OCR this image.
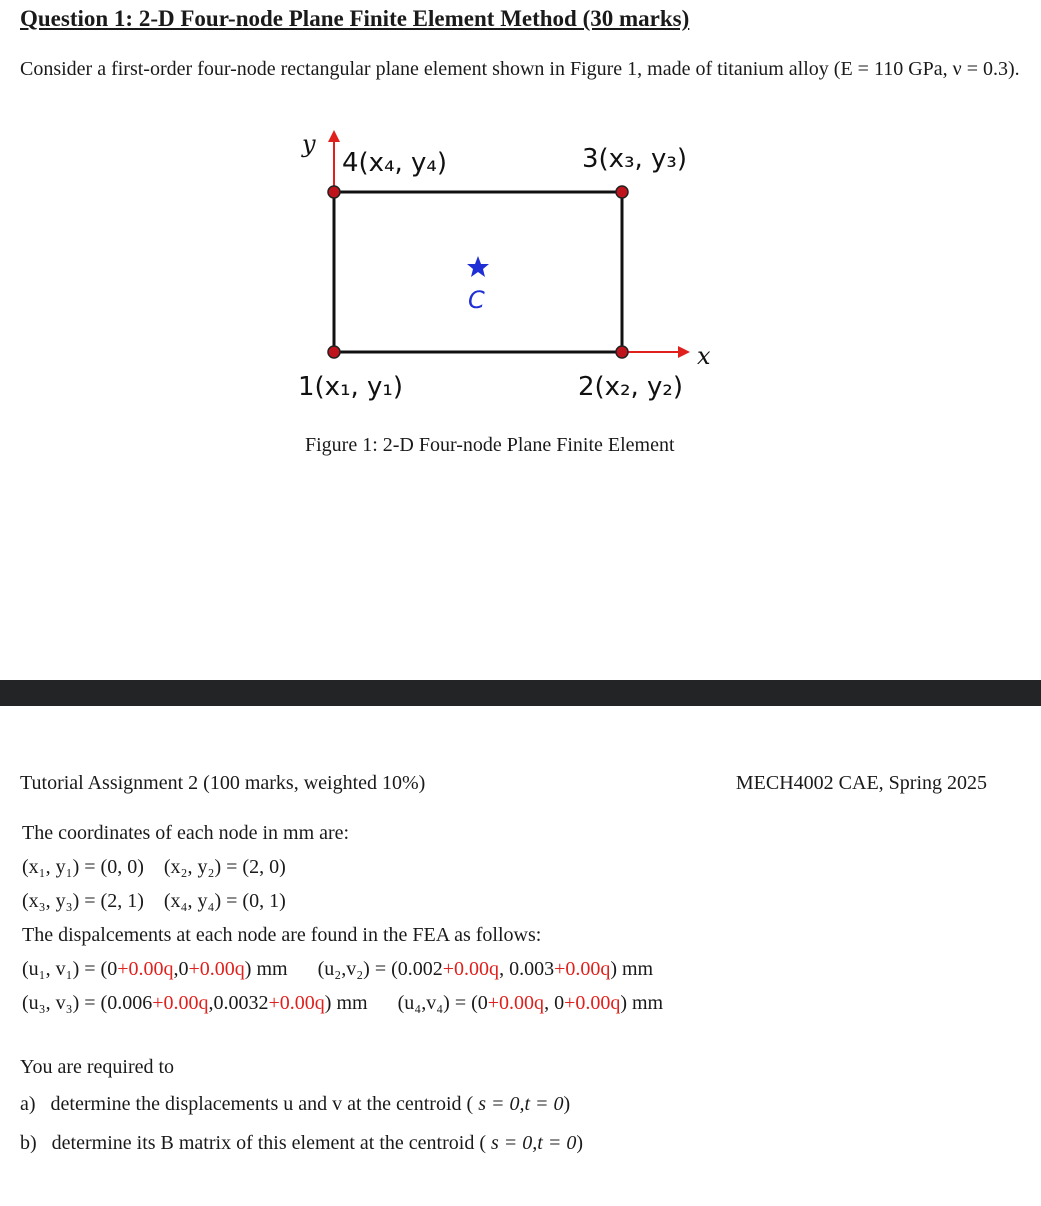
Question 1: 2-D Four-node Plane Finite Element Method (30 marks)
Consider a first-order four-node rectangular plane element shown in Figure 1, made of titanium alloy (E = 110 GPa, ν = 0.3).
y
x
4(x₄, y₄)	3(x₃, y₃)
1(x₁, y₁)	2(x₂, y₂)
C
Figure 1: 2-D Four-node Plane Finite Element
Tutorial Assignment 2 (100 marks, weighted 10%)	MECH4002 CAE, Spring 2025
The coordinates of each node in mm are:
(x₁, y₁) = (0, 0) (x₂, y₂) = (2, 0)
(x₃, y₃) = (2, 1) (x₄, y₄) = (0, 1)
The dispalcements at each node are found in the FEA as follows:
(u₁, v₁) = (0+0.00q,0+0.00q) mm (u₂,v₂) = (0.002+0.00q, 0.003+0.00q) mm
(u₃, v₃) = (0.006+0.00q,0.0032+0.00q) mm (u₄,v₄) = (0+0.00q, 0+0.00q) mm
You are required to
a) determine the displacements u and v at the centroid ( s = 0,t = 0)
b) determine its B matrix of this element at the centroid ( s = 0,t = 0)
